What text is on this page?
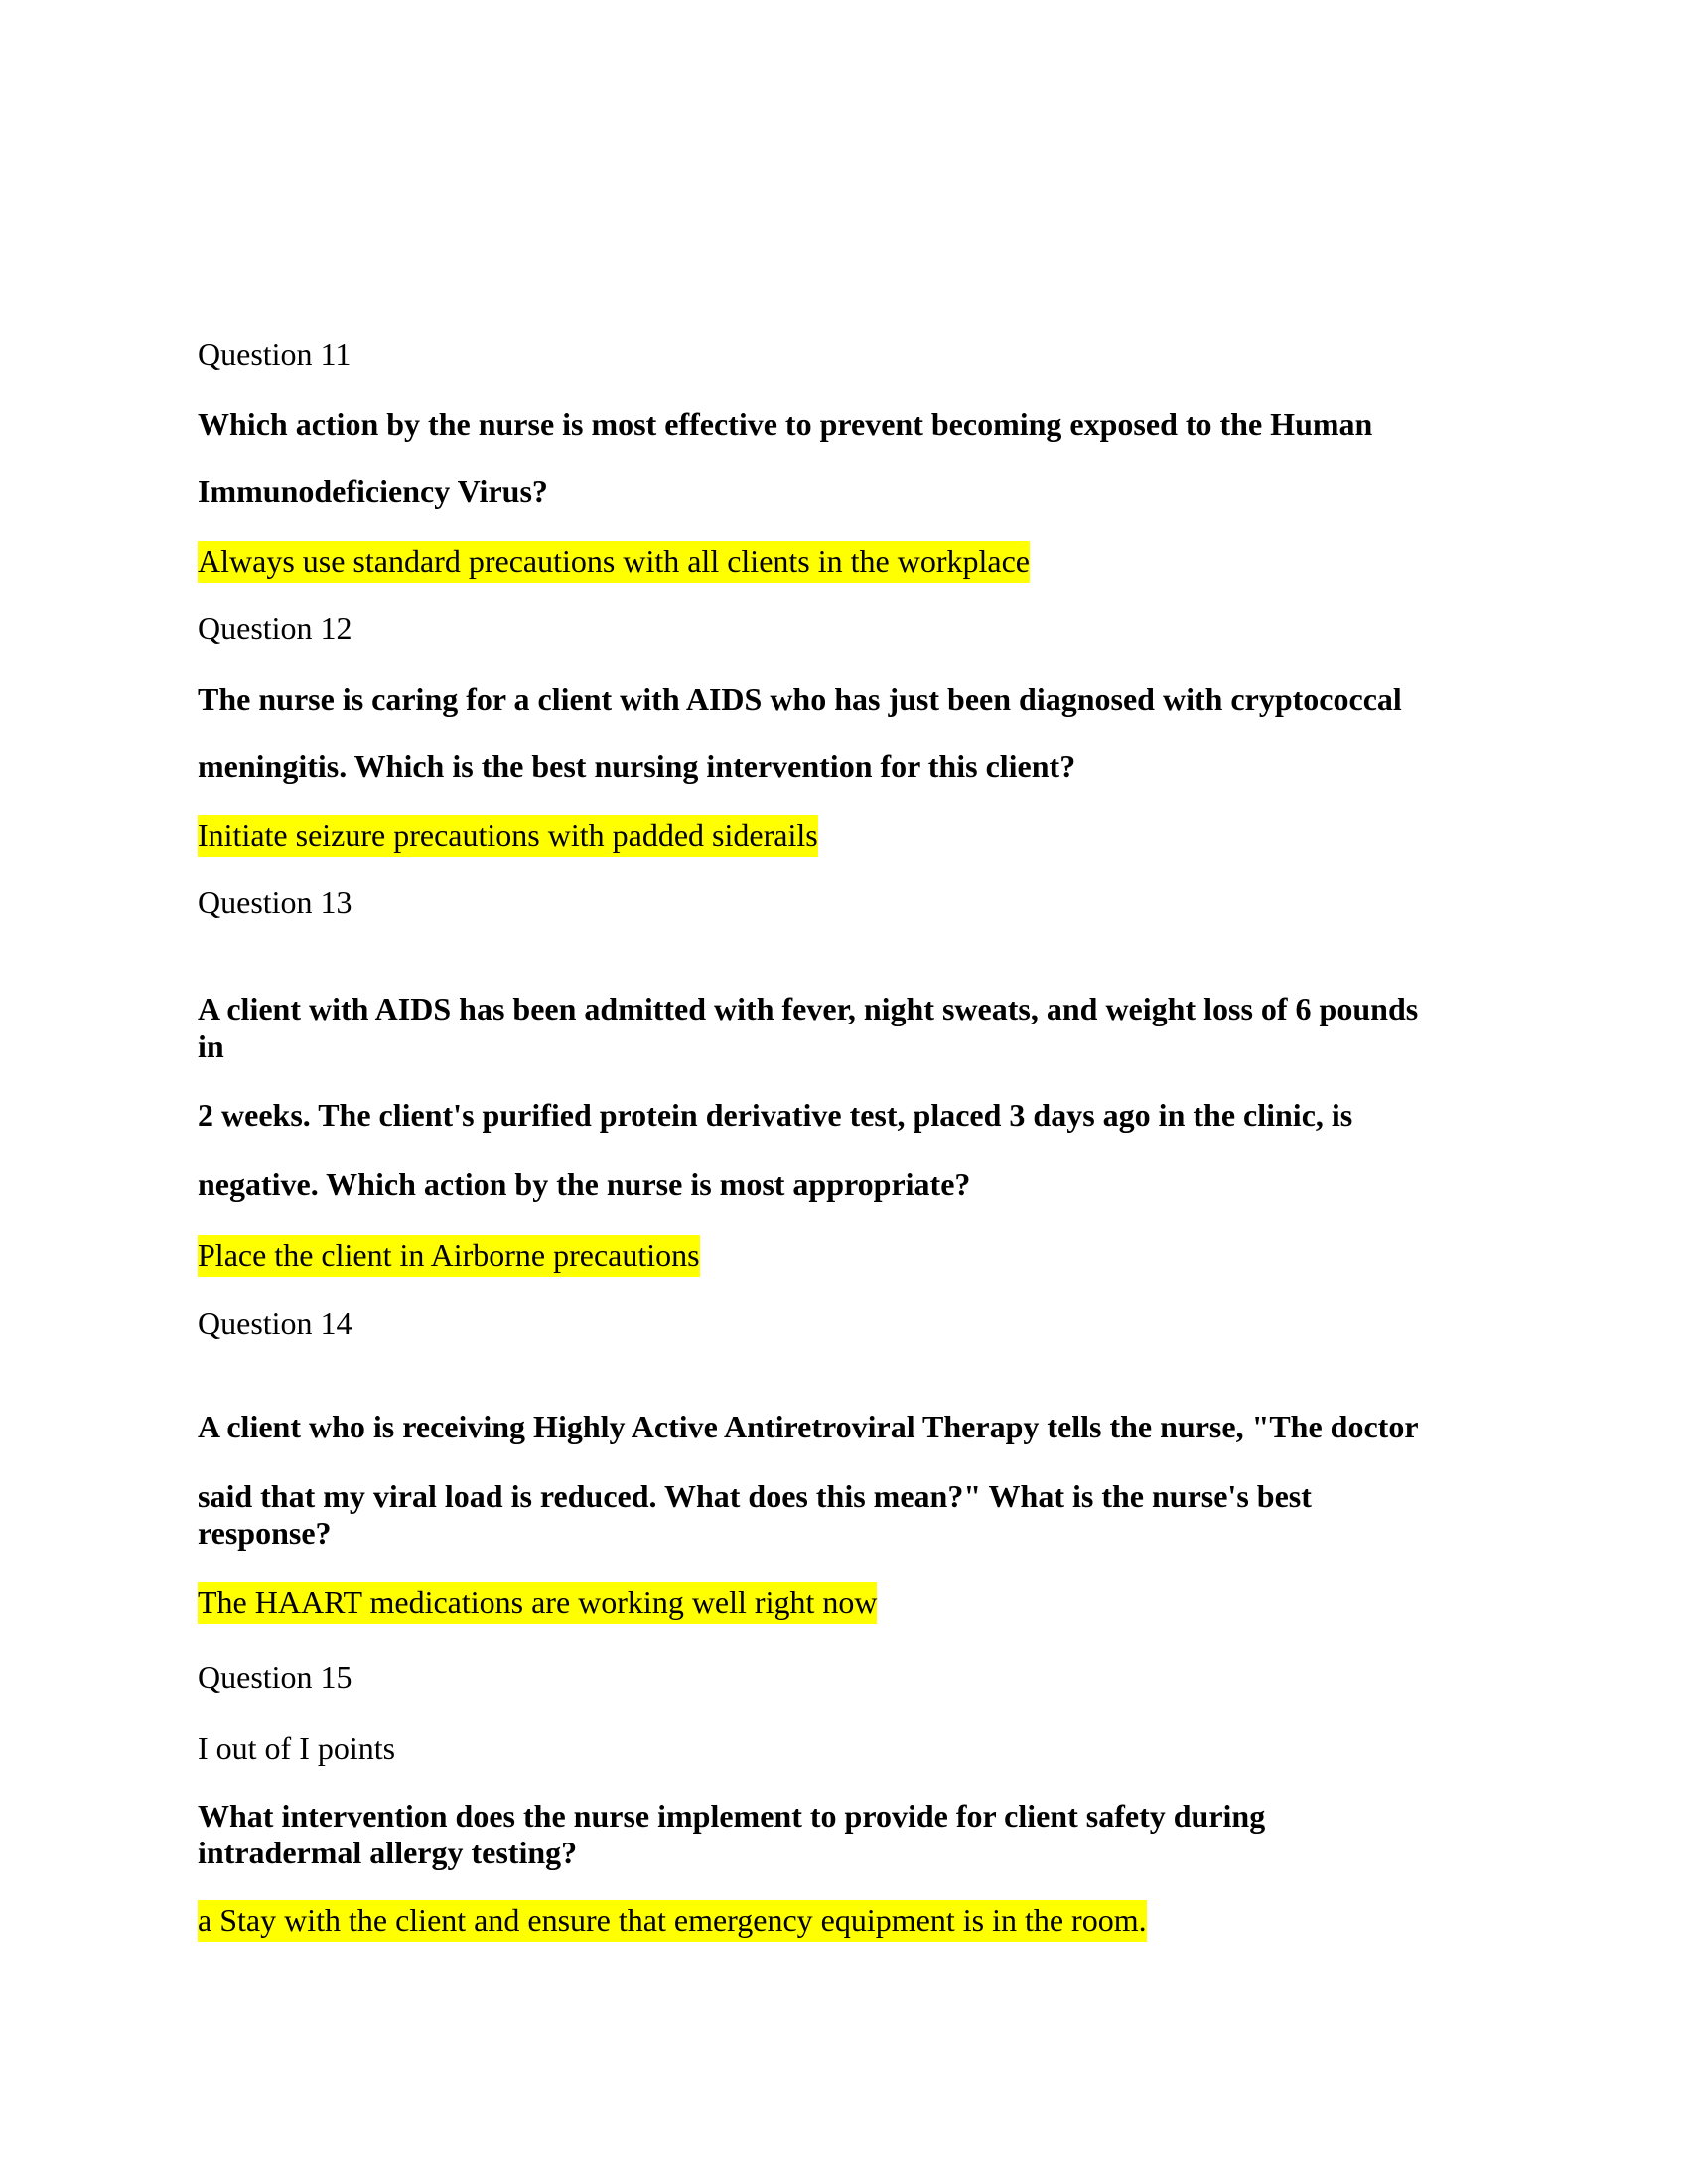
Question 11
Which action by the nurse is most effective to prevent becoming exposed to the Human
Immunodeficiency Virus?
Always use standard precautions with all clients in the workplace
Question 12
The nurse is caring for a client with AIDS who has just been diagnosed with cryptococcal
meningitis. Which is the best nursing intervention for this client?
Initiate seizure precautions with padded siderails
Question 13
A client with AIDS has been admitted with fever, night sweats, and weight loss of 6 pounds
in
2 weeks. The client's purified protein derivative test, placed 3 days ago in the clinic, is
negative. Which action by the nurse is most appropriate?
Place the client in Airborne precautions
Question 14
A client who is receiving Highly Active Antiretroviral Therapy tells the nurse, "The doctor
said that my viral load is reduced. What does this mean?" What is the nurse's best
response?
The HAART medications are working well right now
Question 15
I out of I points
What intervention does the nurse implement to provide for client safety during
intradermal allergy testing?
a Stay with the client and ensure that emergency equipment is in the room.
